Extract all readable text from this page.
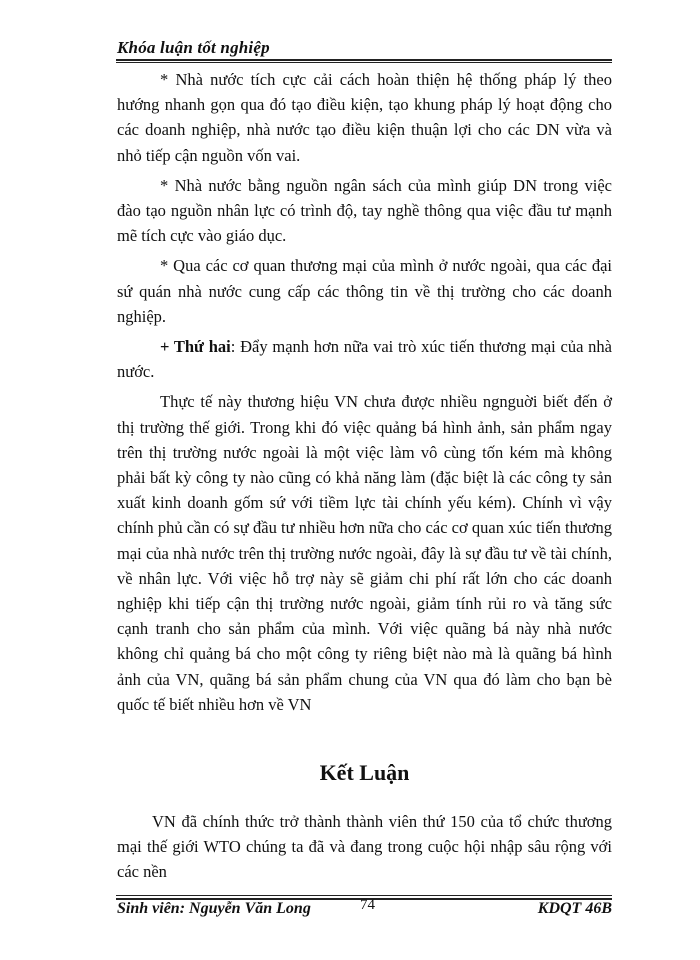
Khóa luận tốt nghiệp

* Nhà nước tích cực cải cách hoàn thiện hệ thống pháp lý theo hướng nhanh gọn qua đó tạo điều kiện, tạo khung pháp lý hoạt động cho các doanh nghiệp, nhà nước tạo điều kiện thuận lợi cho các DN vừa và nhỏ tiếp cận nguồn vốn vai.

* Nhà nước bằng nguồn ngân sách của mình giúp DN trong việc đào tạo nguồn nhân lực có trình độ, tay nghề thông qua việc đầu tư mạnh mẽ tích cực vào giáo dục.

* Qua các cơ quan thương mại của mình ở nước ngoài, qua các đại sứ quán nhà nước cung cấp các thông tin về thị trường cho các doanh nghiệp.

+ Thứ hai: Đẩy mạnh hơn nữa vai trò xúc tiến thương mại của nhà nước.

Thực tế này thương hiệu VN chưa được nhiều ngnguời biết đến ở thị trường thế giới. Trong khi đó việc quảng bá hình ảnh, sản phẩm ngay trên thị trường nước ngoài là một việc làm vô cùng tốn kém mà không phải bất kỳ công ty nào cũng có khả năng làm (đặc biệt là các công ty sản xuất kinh doanh gốm sứ với tiềm lực tài chính yếu kém). Chính vì vậy chính phủ cần có sự đầu tư nhiều hơn nữa cho các cơ quan xúc tiến thương mại của nhà nước trên thị trường nước ngoài, đây là sự đầu tư về tài chính, về nhân lực. Với việc hỗ trợ này sẽ giảm chi phí rất lớn cho các doanh nghiệp khi tiếp cận thị trường nước ngoài, giảm tính rủi ro và tăng sức cạnh tranh cho sản phẩm của mình. Với việc quãng bá này nhà nước không chỉ quảng bá cho một công ty riêng biệt nào mà là quãng bá hình ảnh của VN, quãng bá sản phẩm chung của VN qua đó làm cho bạn bè quốc tế biết nhiều hơn về VN

Kết Luận

VN đã chính thức trở thành thành viên thứ 150 của tổ chức thương mại thế giới WTO chúng ta đã và đang trong cuộc hội nhập sâu rộng với các nền

Sinh viên: Nguyễn Văn Long	74	KDQT 46B
